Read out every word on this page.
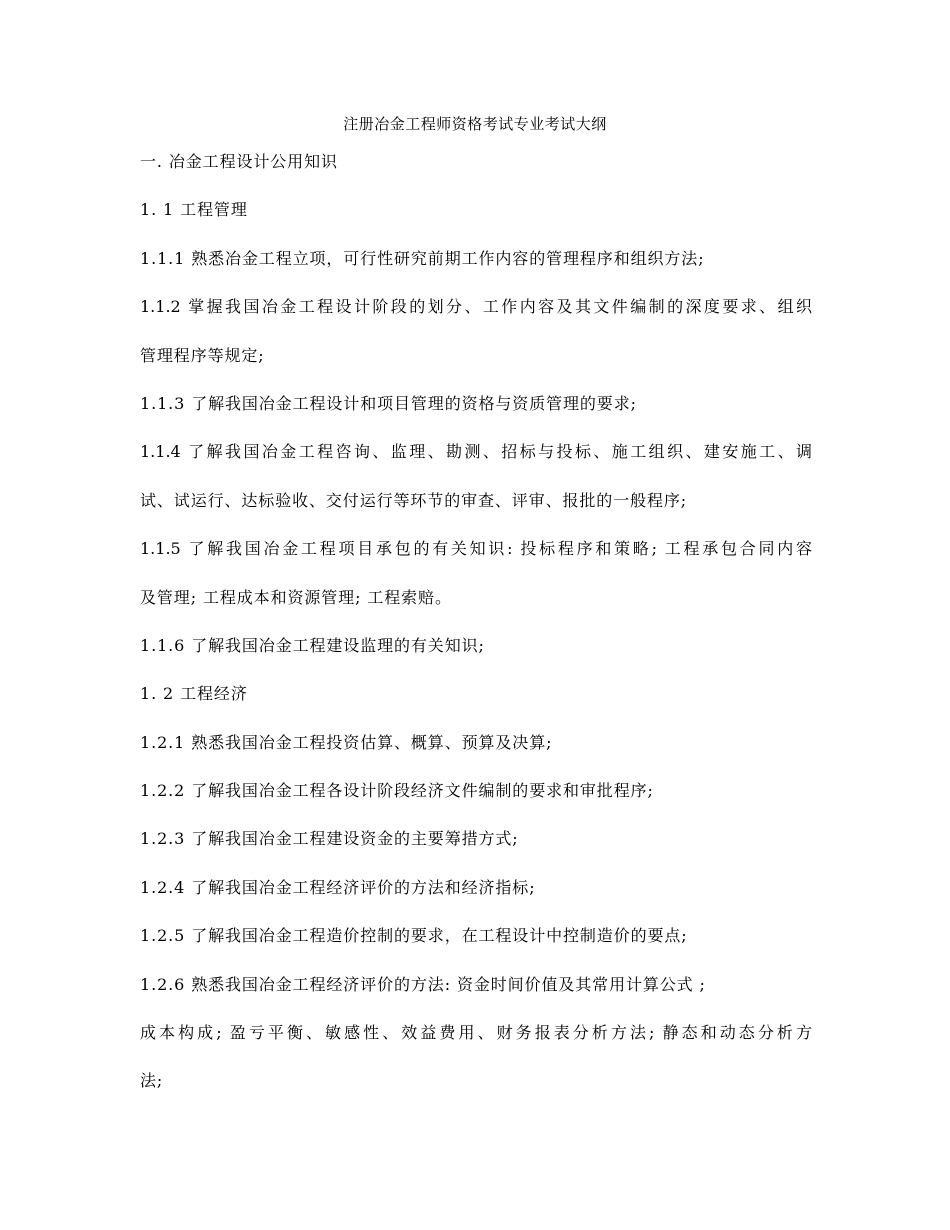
注册冶金工程师资格考试专业考试大纲
一. 冶金工程设计公用知识
1. 1 工程管理
1.1.1 熟悉冶金工程立项，可行性研究前期工作内容的管理程序和组织方法;
1.1.2 掌握我国冶金工程设计阶段的划分、工作内容及其文件编制的深度要求、组织
管理程序等规定;
1.1.3 了解我国冶金工程设计和项目管理的资格与资质管理的要求;
1.1.4 了解我国冶金工程咨询、监理、勘测、招标与投标、施工组织、建安施工、调
试、试运行、达标验收、交付运行等环节的审查、评审、报批的一般程序;
1.1.5 了解我国冶金工程项目承包的有关知识: 投标程序和策略; 工程承包合同内容
及管理; 工程成本和资源管理; 工程索赔。
1.1.6 了解我国冶金工程建设监理的有关知识;
1. 2 工程经济
1.2.1 熟悉我国冶金工程投资估算、概算、预算及决算;
1.2.2 了解我国冶金工程各设计阶段经济文件编制的要求和审批程序;
1.2.3 了解我国冶金工程建设资金的主要筹措方式;
1.2.4 了解我国冶金工程经济评价的方法和经济指标;
1.2.5 了解我国冶金工程造价控制的要求，在工程设计中控制造价的要点;
1.2.6 熟悉我国冶金工程经济评价的方法: 资金时间价值及其常用计算公式 ;
成本构成; 盈亏平衡、敏感性、效益费用、财务报表分析方法; 静态和动态分析方
法;
